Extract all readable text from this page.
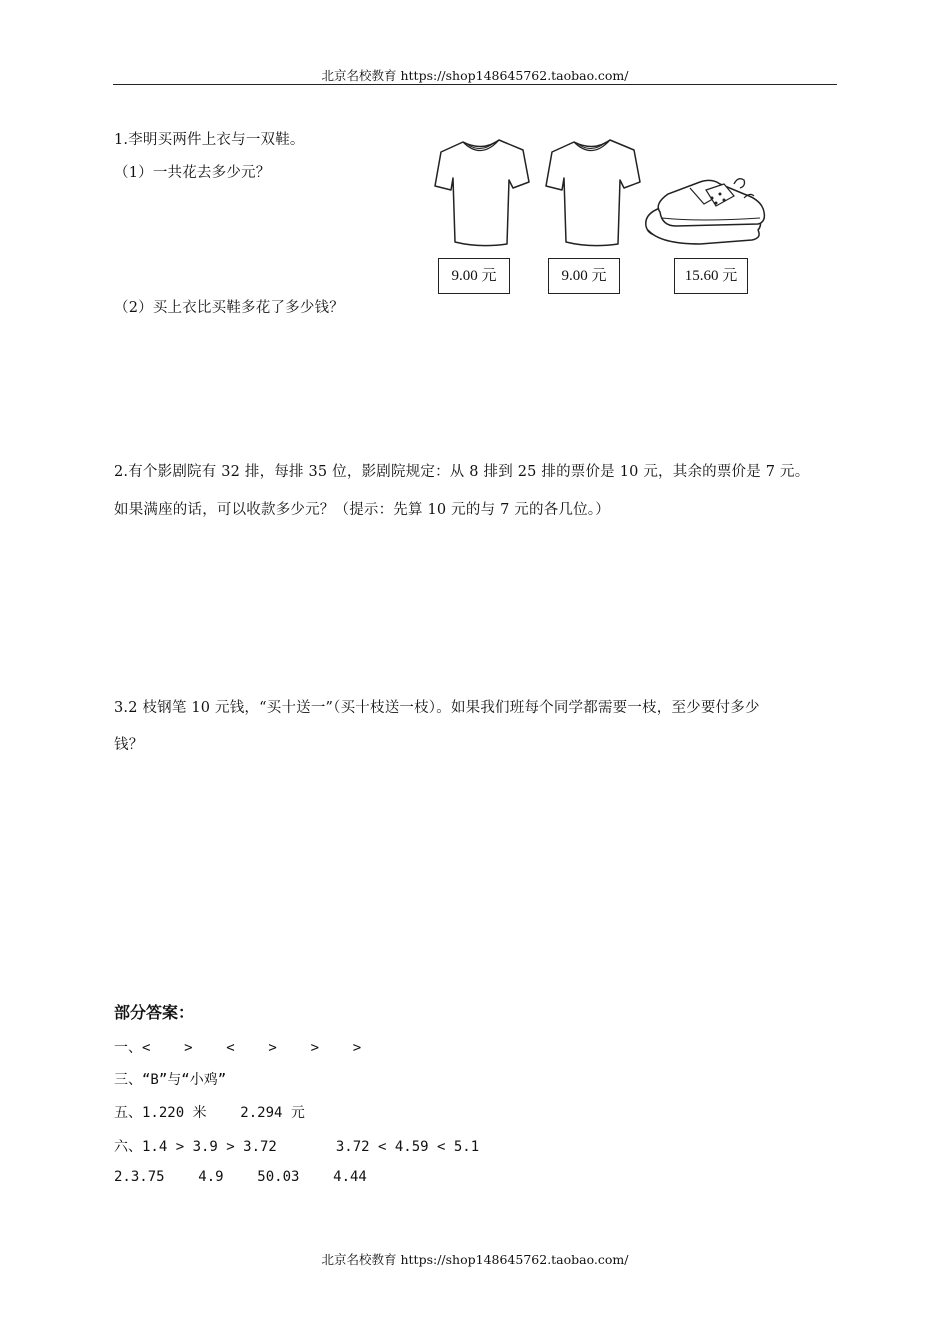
北京名校教育 https://shop148645762.taobao.com/
1.李明买两件上衣与一双鞋。
（1）一共花去多少元？
（2）买上衣比买鞋多花了多少钱？
9.00 元	9.00 元	15.60 元
2.有个影剧院有 32 排，每排 35 位，影剧院规定：从 8 排到 25 排的票价是 10 元，其余的票价是 7 元。
如果满座的话，可以收款多少元？（提示：先算 10 元的与 7 元的各几位。）
3.2 枝钢笔 10 元钱，“买十送一”（买十枝送一枝）。如果我们班每个同学都需要一枝，至少要付多少
钱？
部分答案：
一、<    >    <    >    >    >
三、“B”与“小鸡”
五、1.220 米    2.294 元
六、1.4 > 3.9 > 3.72       3.72 < 4.59 < 5.1
2.3.75    4.9    50.03    4.44
北京名校教育 https://shop148645762.taobao.com/
